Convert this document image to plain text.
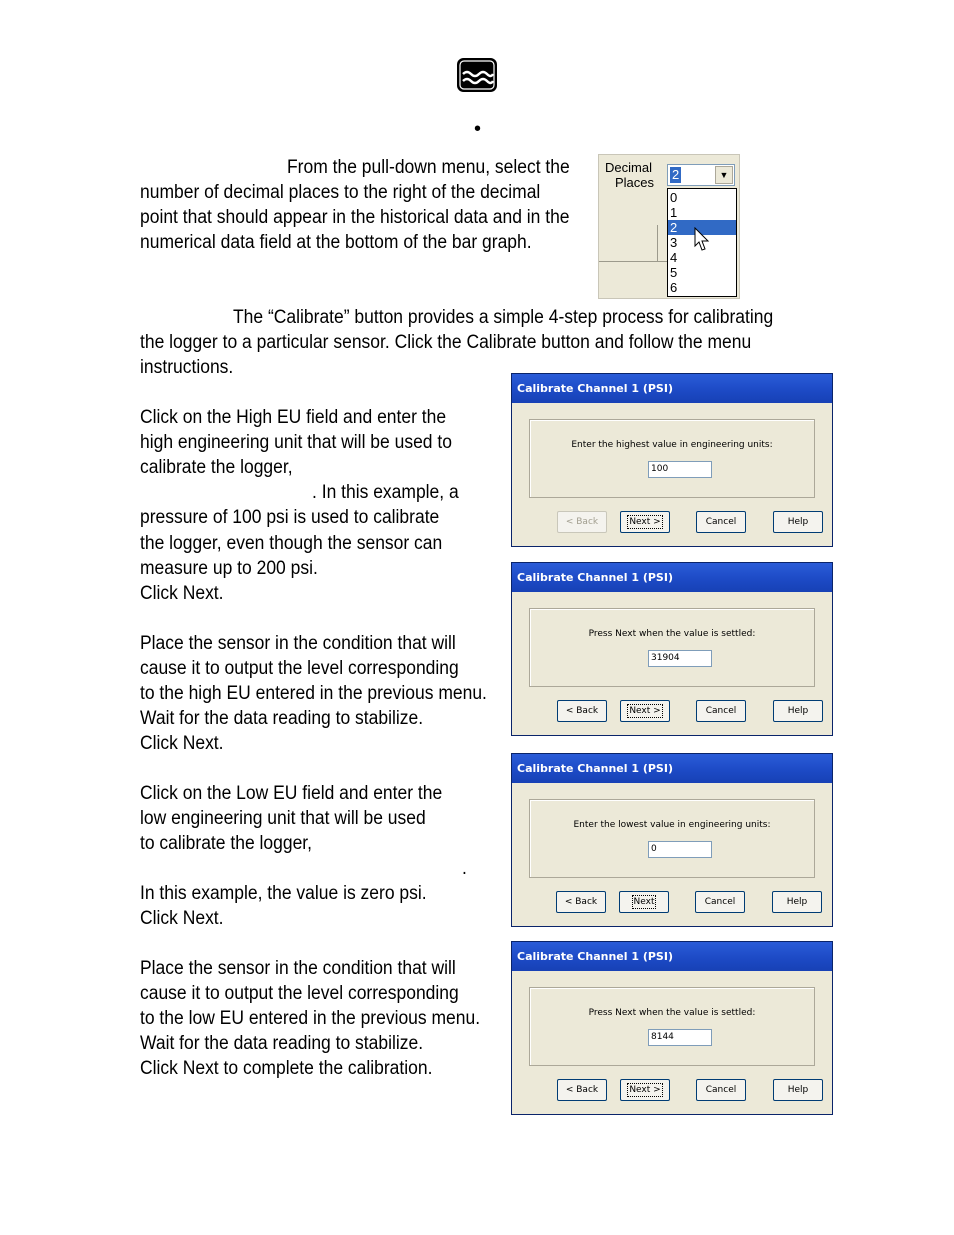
•
From the pull-down menu, select the
number of decimal places to the right of the decimal
point that should appear in the historical data and in the
numerical data field at the bottom of the bar graph.
Decimal
Places
2	▼
0
1
2
3
4
5
6
The “Calibrate” button provides a simple 4-step process for calibrating
the logger to a particular sensor. Click the Calibrate button and follow the menu
instructions.
Click on the High EU field and enter the
high engineering unit that will be used to
calibrate the logger,
. In this example, a
pressure of 100 psi is used to calibrate
the logger, even though the sensor can
measure up to 200 psi.
Click Next.
Place the sensor in the condition that will
cause it to output the level corresponding
to the high EU entered in the previous menu.
Wait for the data reading to stabilize.
Click Next.
Click on the Low EU field and enter the
low engineering unit that will be used
to calibrate the logger,
.
In this example, the value is zero psi.
Click Next.
Place the sensor in the condition that will
cause it to output the level corresponding
to the low EU entered in the previous menu.
Wait for the data reading to stabilize.
Click Next to complete the calibration.
Calibrate Channel 1 (PSI)
Enter the highest value in engineering units:
100
< Back	Next >	Cancel	Help
Calibrate Channel 1 (PSI)
Press Next when the value is settled:
31904
< Back	Next >	Cancel	Help
Calibrate Channel 1 (PSI)
Enter the lowest value in engineering units:
0
< Back	Next	Cancel	Help
Calibrate Channel 1 (PSI)
Press Next when the value is settled:
8144
< Back	Next >	Cancel	Help
